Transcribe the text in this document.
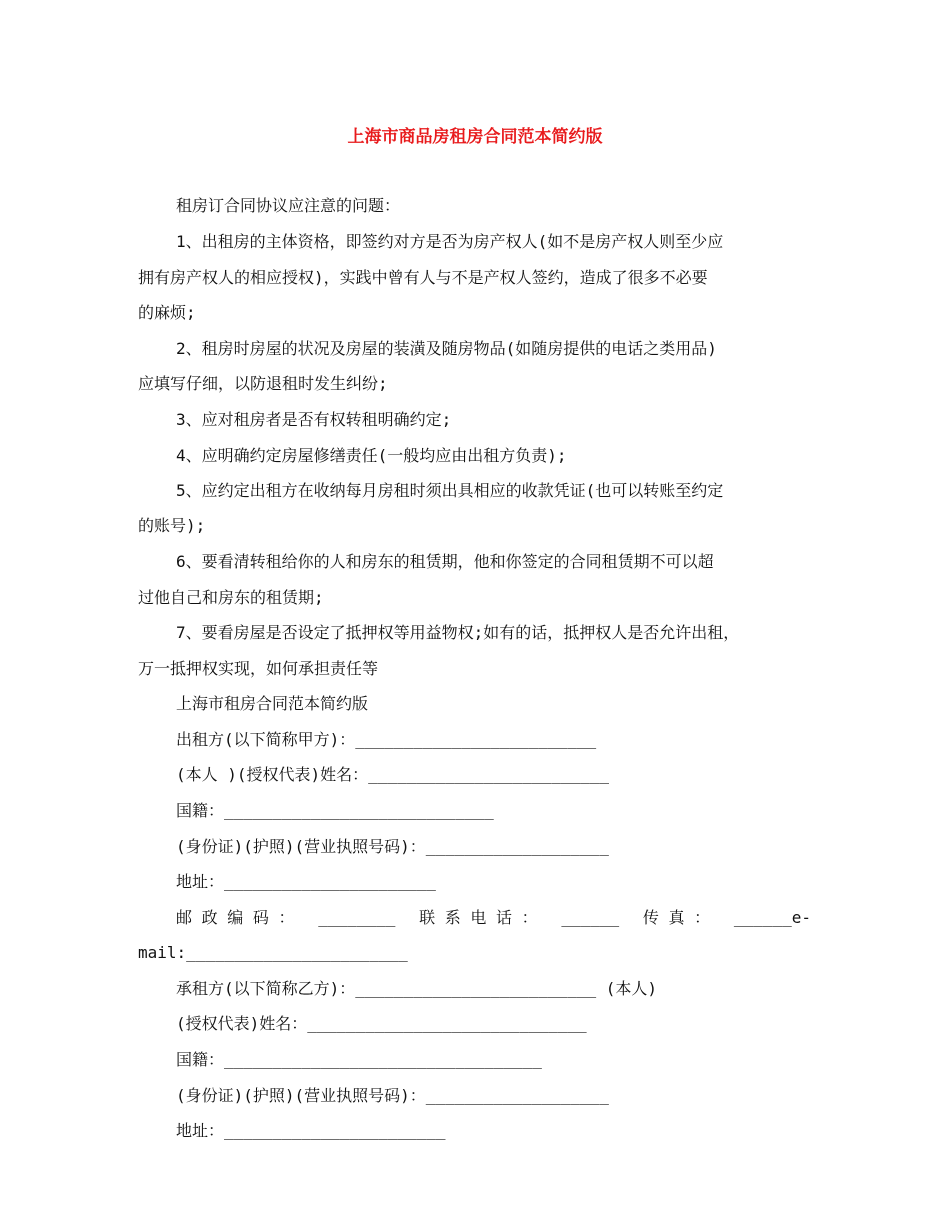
上海市商品房租房合同范本简约版
租房订合同协议应注意的问题：
1、出租房的主体资格，即签约对方是否为房产权人(如不是房产权人则至少应
拥有房产权人的相应授权)，实践中曾有人与不是产权人签约，造成了很多不必要
的麻烦;
2、租房时房屋的状况及房屋的装潢及随房物品(如随房提供的电话之类用品)
应填写仔细，以防退租时发生纠纷;
3、应对租房者是否有权转租明确约定;
4、应明确约定房屋修缮责任(一般均应由出租方负责);
5、应约定出租方在收纳每月房租时须出具相应的收款凭证(也可以转账至约定
的账号);
6、要看清转租给你的人和房东的租赁期，他和你签定的合同租赁期不可以超
过他自己和房东的租赁期;
7、要看房屋是否设定了抵押权等用益物权;如有的话，抵押权人是否允许出租，
万一抵押权实现，如何承担责任等
上海市租房合同范本简约版
出租方(以下简称甲方)：_________________________
(本人 )(授权代表)姓名：_________________________
国籍：____________________________
(身份证)(护照)(营业执照号码)：___________________
地址：______________________
邮 政 编 码 ： ________ 联 系 电 话 ： ______ 传 真 ： ______e-
mail:_______________________
承租方(以下简称乙方)：_________________________ (本人)
(授权代表)姓名：_____________________________
国籍：_________________________________
(身份证)(护照)(营业执照号码)：___________________
地址：_______________________
